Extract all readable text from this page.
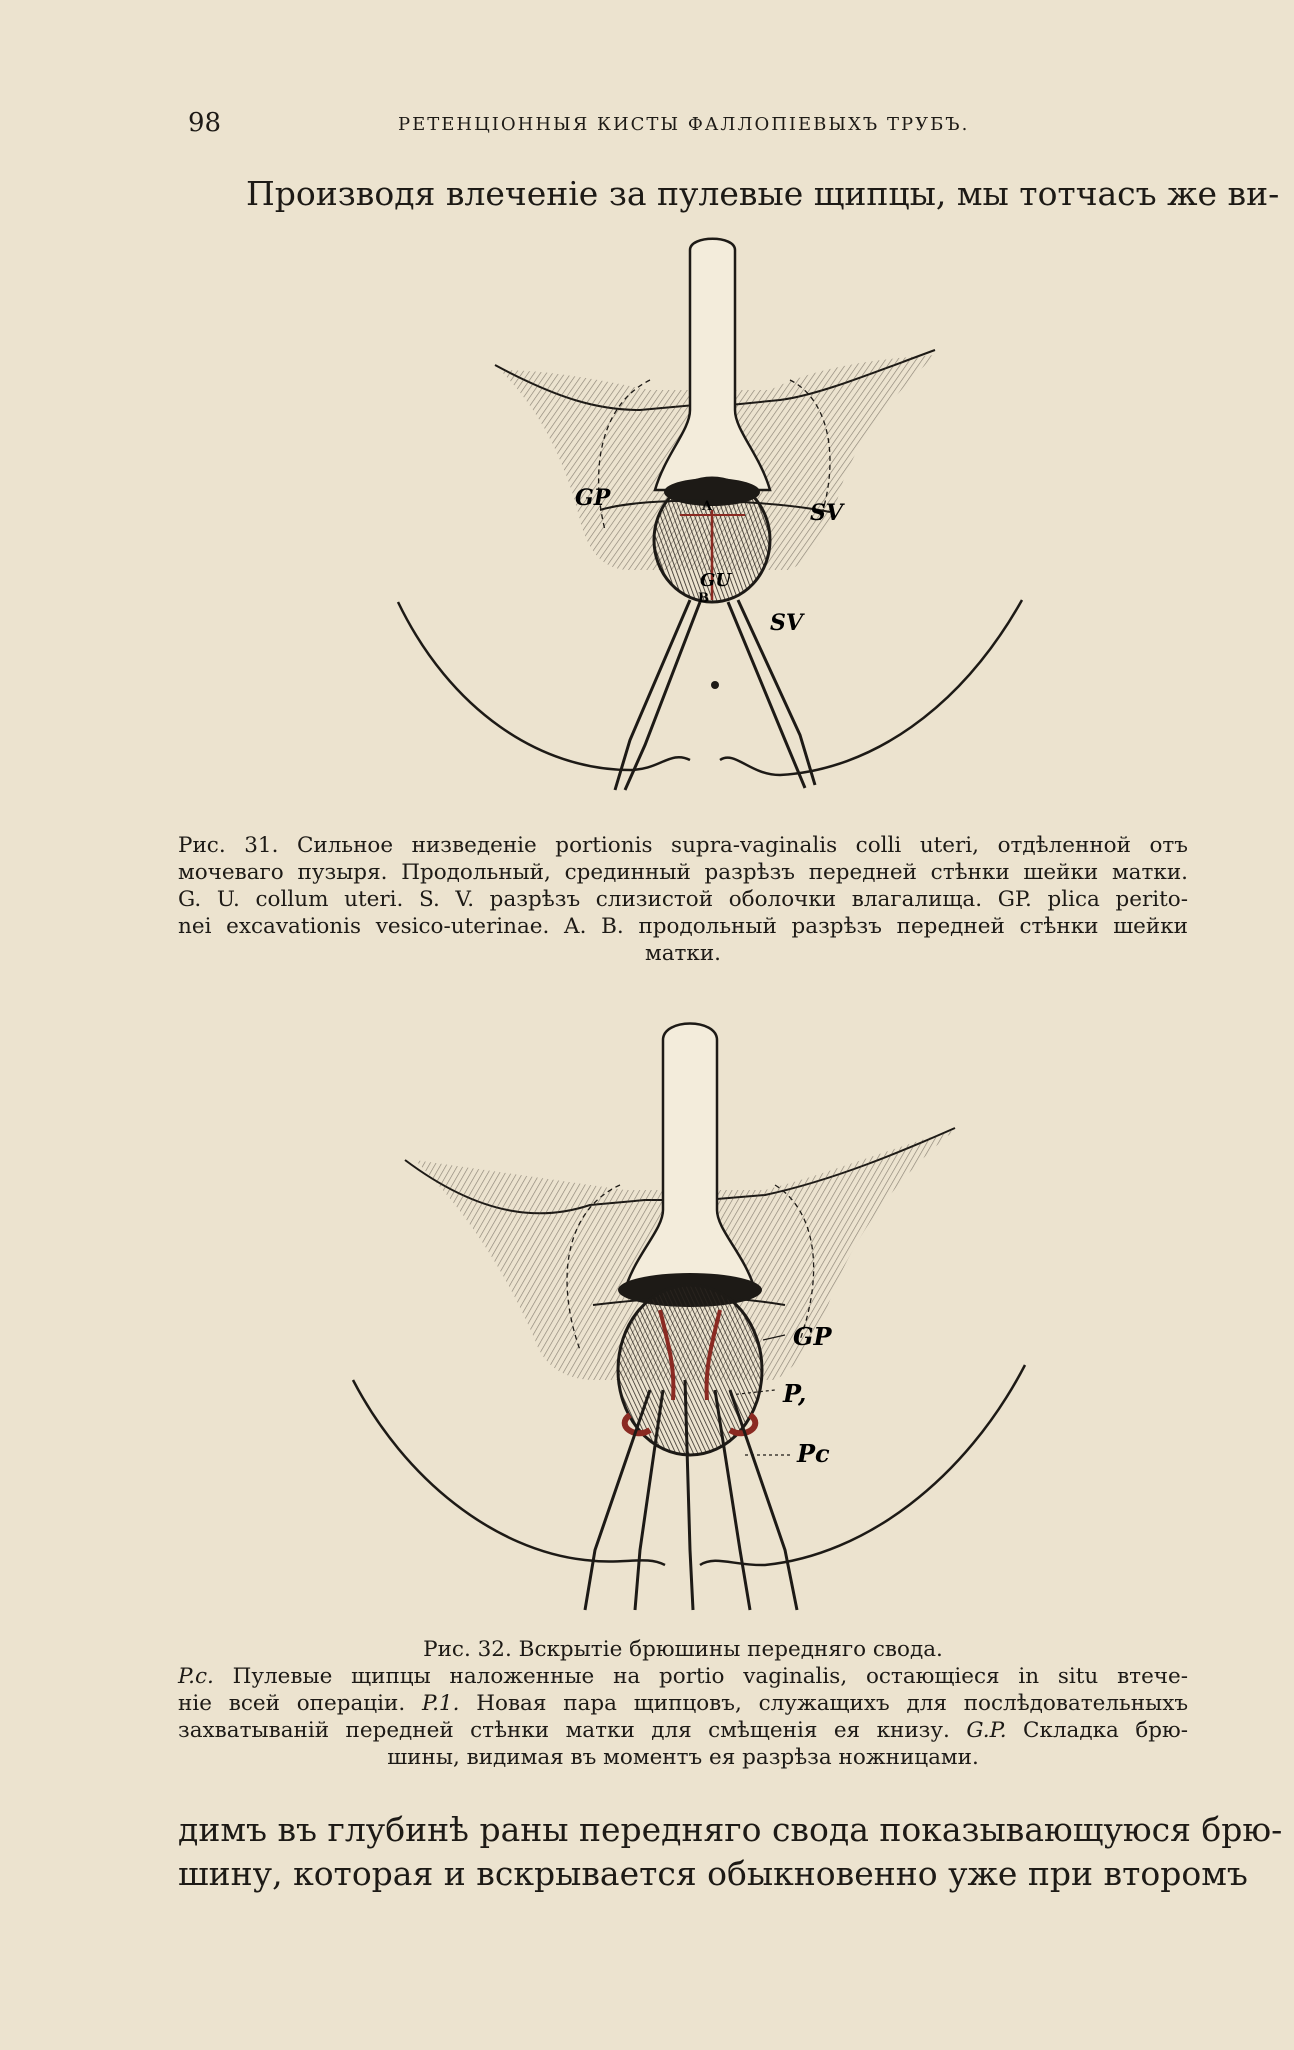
98	РЕТЕНЦIОННЫЯ КИСТЫ ФАЛЛОПIЕВЫХЪ ТРУБЪ.
Производя влеченіе за пулевые щипцы, мы тотчасъ же ви-
GP
SV
A
B
GU
SV
Рис. 31. Сильное низведеніе portionis supra-vaginalis colli uteri, отдѣленной отъ
мочеваго пузыря. Продольный, срединный разрѣзъ передней стѣнки шейки матки.
G. U. collum uteri. S. V. разрѣзъ слизистой оболочки влагалища. GP. plica perito-
nei excavationis vesico-uterinae. A. B. продольный разрѣзъ передней стѣнки шейки
матки.
GP
P,
Pc
Рис. 32. Вскрытіе брюшины передняго свода.
P.c. Пулевые щипцы наложенные на portio vaginalis, остающіеся in situ втече-
ніе всей операціи. P.1. Новая пара щипцовъ, служащихъ для послѣдовательныхъ
захватываній передней стѣнки матки для смѣщенія ея книзу. G.P. Складка брю-
шины, видимая въ моментъ ея разрѣза ножницами.
димъ въ глубинѣ раны передняго свода показывающуюся брю-
шину, которая и вскрывается обыкновенно уже при второмъ
